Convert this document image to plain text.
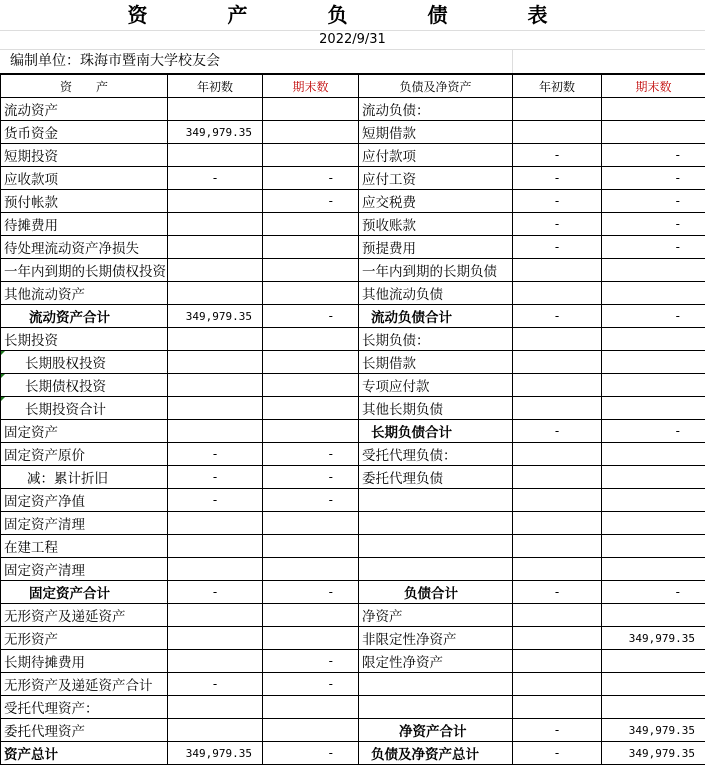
资　产　负　债　表
2022/9/31
编制单位：珠海市暨南大学校友会
资　　产	年初数	期末数	负债及净资产	年初数	期末数
流动资产			流动负债：		
货币资金	349,979.35		短期借款		
短期投资			应付款项	-	-
应收款项	-	-	应付工资	-	-
预付帐款		-	应交税费	-	-
待摊费用			预收账款	-	-
待处理流动资产净损失			预提费用	-	-
一年内到期的长期债权投资			一年内到期的长期负债		
其他流动资产			其他流动负债		
流动资产合计	349,979.35	-	流动负债合计	-	-
长期投资			长期负债：		
长期股权投资			长期借款		
长期债权投资			专项应付款		
长期投资合计			其他长期负债		
固定资产			长期负债合计	-	-
固定资产原价	-	-	受托代理负债：		
减：累计折旧	-	-	委托代理负债		
固定资产净值	-	-			
固定资产清理					
在建工程					
固定资产清理					
固定资产合计	-	-	负债合计	-	-
无形资产及递延资产			净资产		
无形资产			非限定性净资产		349,979.35
长期待摊费用		-	限定性净资产		
无形资产及递延资产合计	-	-			
受托代理资产：					
委托代理资产			净资产合计	-	349,979.35
资产总计	349,979.35	-	负债及净资产总计	-	349,979.35
